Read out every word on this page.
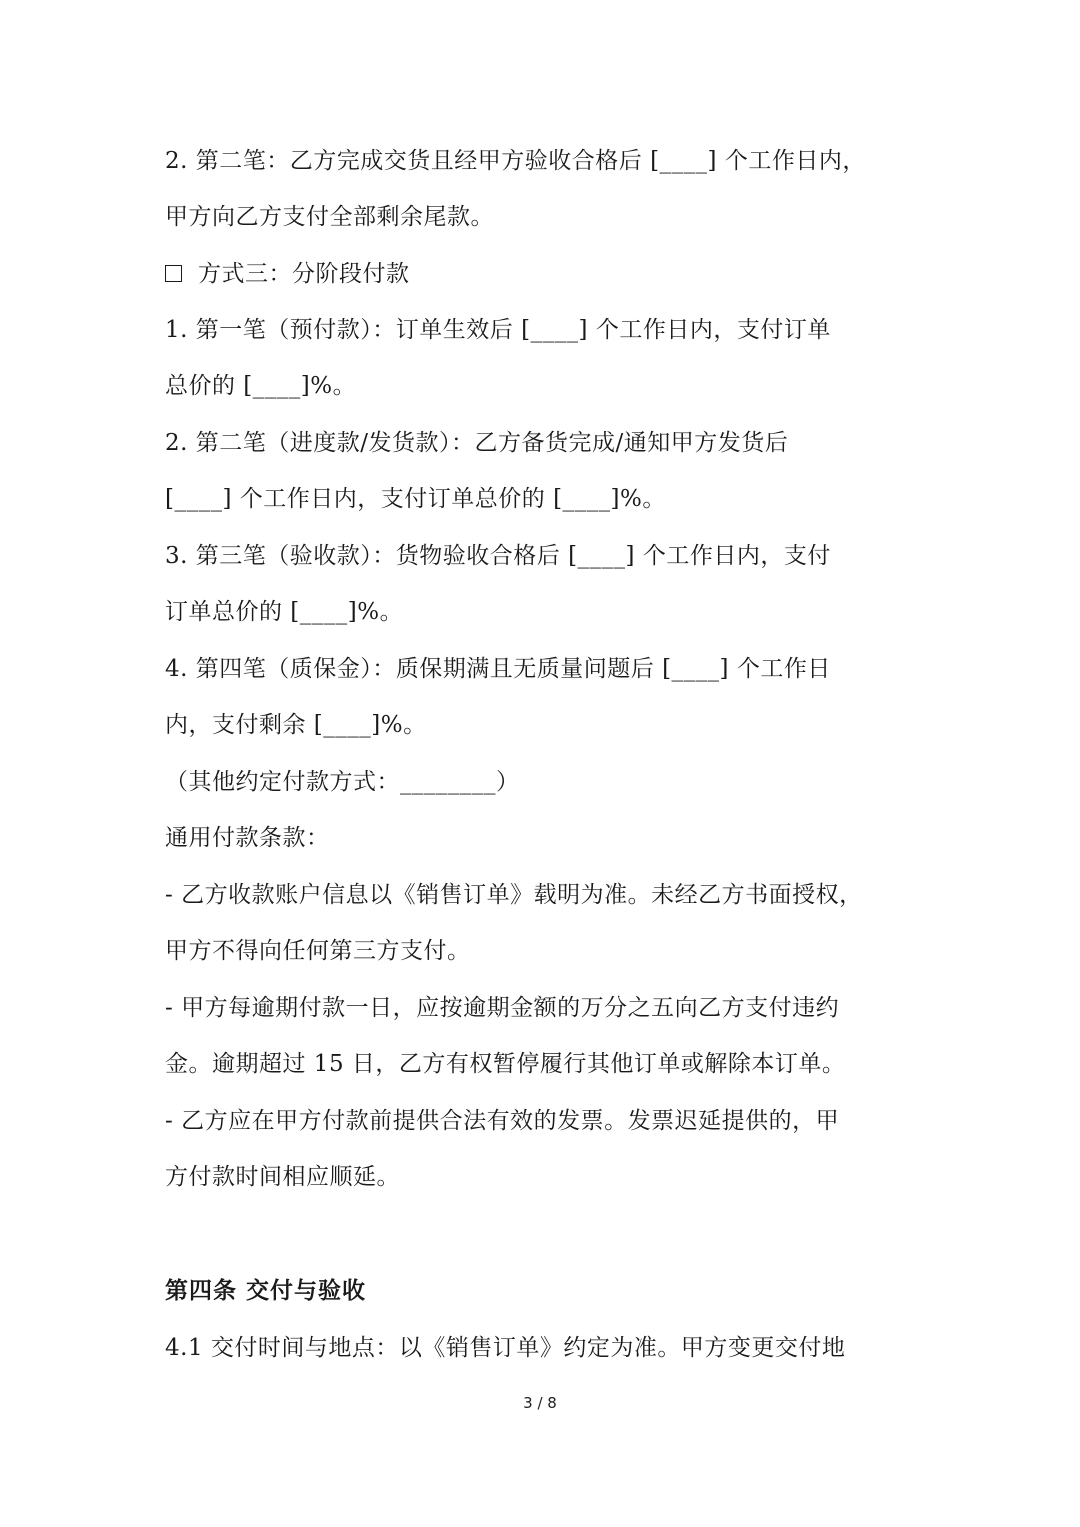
2. 第二笔：乙方完成交货且经甲方验收合格后 [____] 个工作日内，
甲方向乙方支付全部剩余尾款。
方式三：分阶段付款
1. 第一笔（预付款）：订单生效后 [____] 个工作日内，支付订单
总价的 [____]%。
2. 第二笔（进度款/发货款）：乙方备货完成/通知甲方发货后
[____] 个工作日内，支付订单总价的 [____]%。
3. 第三笔（验收款）：货物验收合格后 [____] 个工作日内，支付
订单总价的 [____]%。
4. 第四笔（质保金）：质保期满且无质量问题后 [____] 个工作日
内，支付剩余 [____]%。
（其他约定付款方式：________）
通用付款条款：
- 乙方收款账户信息以《销售订单》载明为准。未经乙方书面授权，
甲方不得向任何第三方支付。
- 甲方每逾期付款一日，应按逾期金额的万分之五向乙方支付违约
金。逾期超过 15 日，乙方有权暂停履行其他订单或解除本订单。
- 乙方应在甲方付款前提供合法有效的发票。发票迟延提供的，甲
方付款时间相应顺延。
第四条 交付与验收
4.1 交付时间与地点：以《销售订单》约定为准。甲方变更交付地
3 / 8
